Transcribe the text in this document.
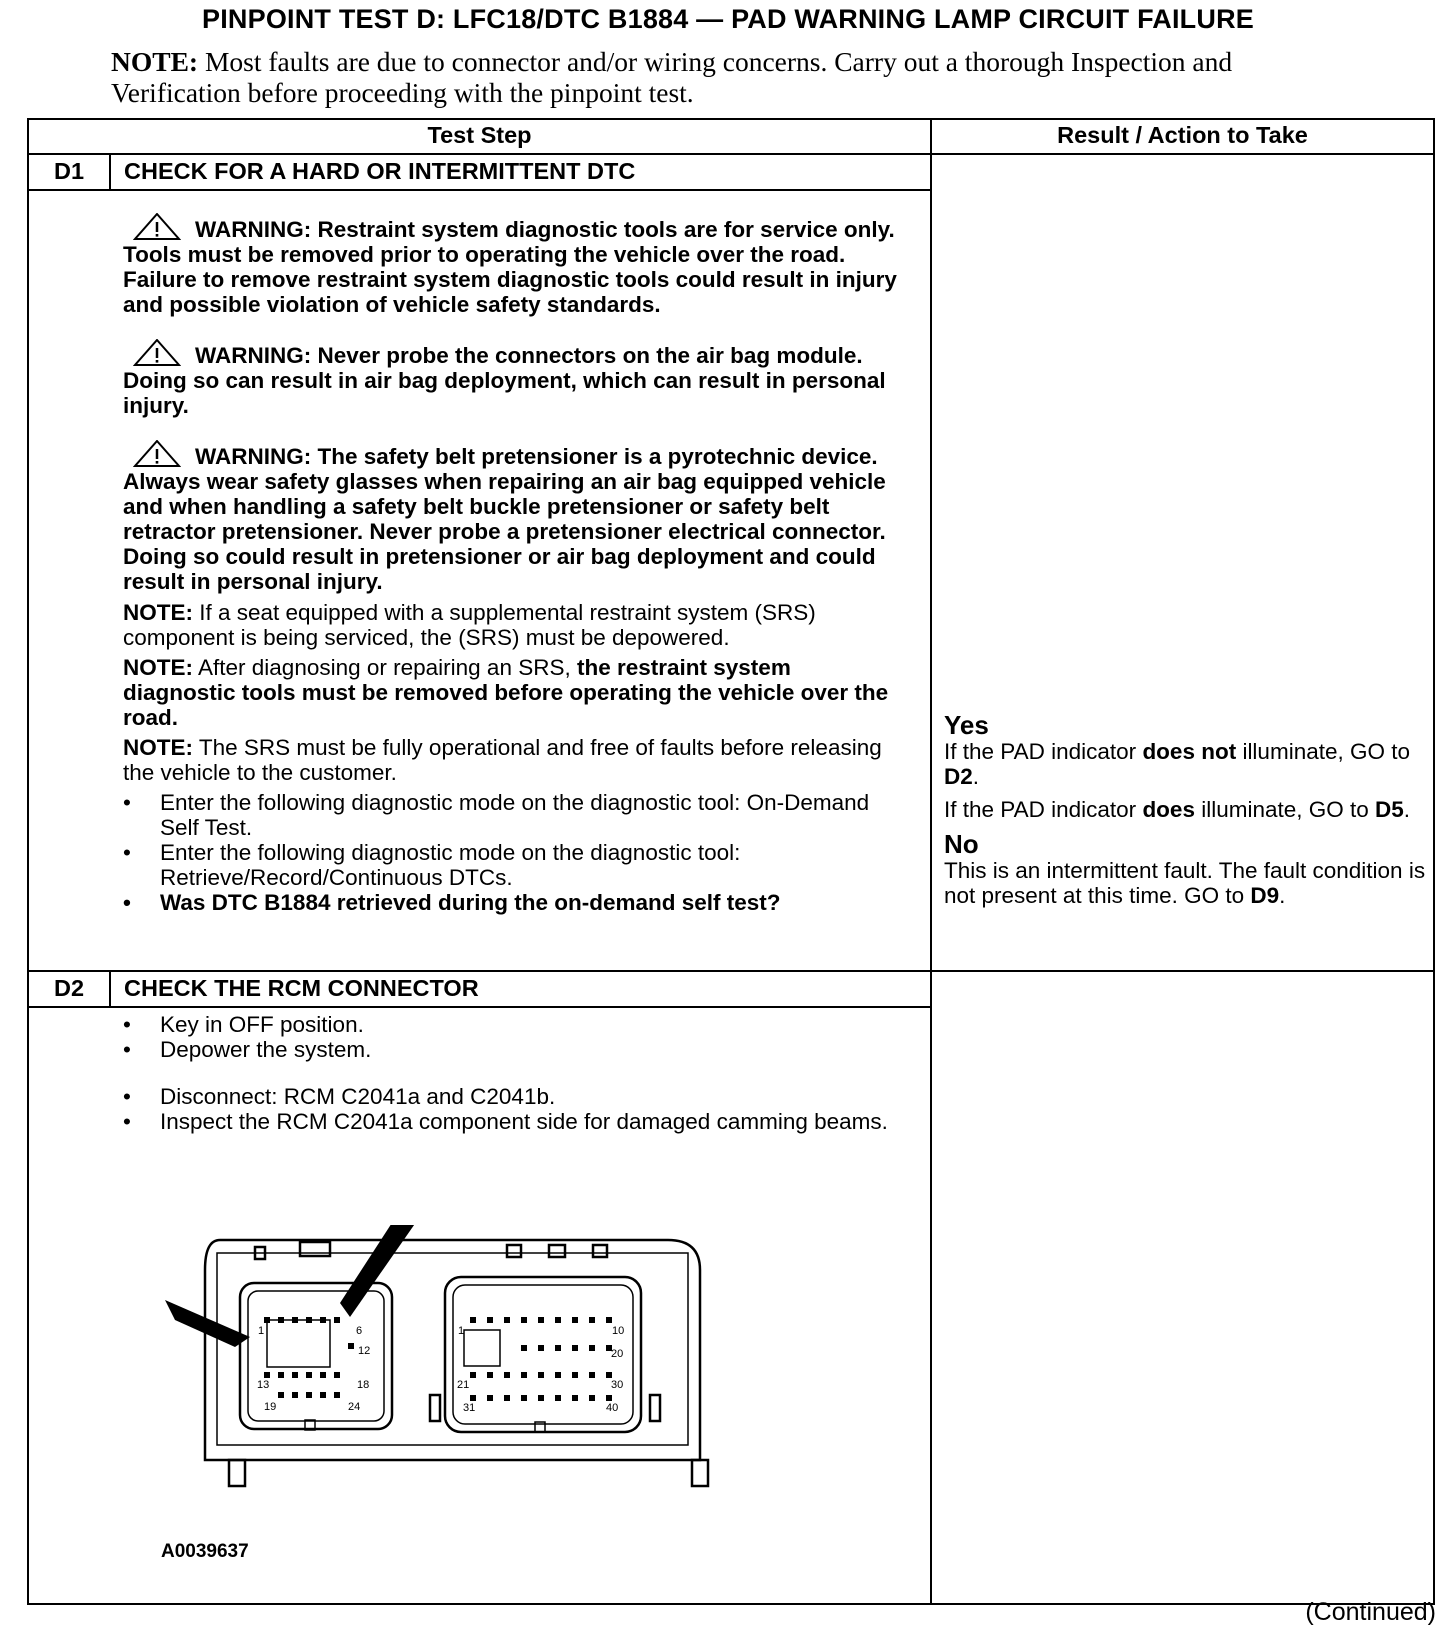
PINPOINT TEST D: LFC18/DTC B1884 — PAD WARNING LAMP CIRCUIT FAILURE
NOTE: Most faults are due to connector and/or wiring concerns. Carry out a thorough Inspection and Verification before proceeding with the pinpoint test.
Test Step	Result / Action to Take
D1	CHECK FOR A HARD OR INTERMITTENT DTC
WARNING: Restraint system diagnostic tools are for service only. Tools must be removed prior to operating the vehicle over the road. Failure to remove restraint system diagnostic tools could result in injury and possible violation of vehicle safety standards.
WARNING: Never probe the connectors on the air bag module. Doing so can result in air bag deployment, which can result in personal injury.
WARNING: The safety belt pretensioner is a pyrotechnic device. Always wear safety glasses when repairing an air bag equipped vehicle and when handling a safety belt buckle pretensioner or safety belt retractor pretensioner. Never probe a pretensioner electrical connector. Doing so could result in pretensioner or air bag deployment and could result in personal injury.
NOTE: If a seat equipped with a supplemental restraint system (SRS) component is being serviced, the (SRS) must be depowered.
NOTE: After diagnosing or repairing an SRS, the restraint system diagnostic tools must be removed before operating the vehicle over the road.
NOTE: The SRS must be fully operational and free of faults before releasing the vehicle to the customer.
• Enter the following diagnostic mode on the diagnostic tool: On-Demand Self Test.
• Enter the following diagnostic mode on the diagnostic tool: Retrieve/Record/Continuous DTCs.
• Was DTC B1884 retrieved during the on-demand self test?
Yes

If the PAD indicator does not illuminate, GO to D2.

If the PAD indicator does illuminate, GO to D5.

No

This is an intermittent fault. The fault condition is not present at this time. GO to D9.

D2	CHECK THE RCM CONNECTOR
• Key in OFF position.
• Depower the system.
• Disconnect: RCM C2041a and C2041b.
• Inspect the RCM C2041a component side for damaged camming beams.
1	6
12
13	18
19	24
1	10
20
21	30
31	40
A0039637
(Continued)
